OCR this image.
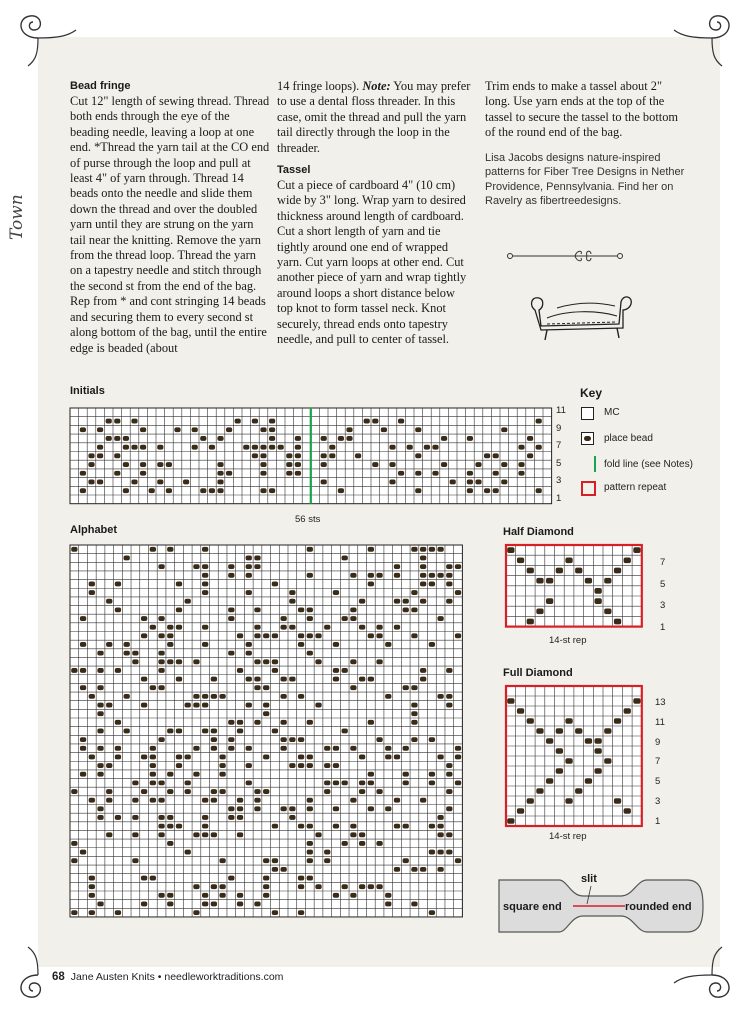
Town
Bead fringe

Cut 12" length of sewing thread. Thread both ends through the eye of the beading needle, leaving a loop at one end. *Thread the yarn tail at the CO end of purse through the loop and pull at least 4" of yarn through. Thread 14 beads onto the needle and slide them down the thread and over the doubled yarn until they are strung on the yarn tail near the knitting. Remove the yarn from the thread loop. Thread the yarn on a tapestry needle and stitch through the second st from the end of the bag. Rep from * and cont stringing 14 beads and securing them to every second st along bottom of the bag, until the entire edge is beaded (about

14 fringe loops). Note: You may prefer to use a dental floss threader. In this case, omit the thread and pull the yarn tail directly through the loop in the threader.

Tassel

Cut a piece of cardboard 4" (10 cm) wide by 3" long. Wrap yarn to desired thickness around length of cardboard. Cut a short length of yarn and tie tightly around one end of wrapped yarn. Cut yarn loops at other end. Cut another piece of yarn and wrap tightly around loops a short distance below top knot to form tassel neck. Knot securely, thread ends onto tapestry needle, and pull to center of tassel.

Trim ends to make a tassel about 2" long. Use yarn ends at the top of the tassel to secure the tassel to the bottom of the round end of the bag.

Lisa Jacobs designs nature-inspired patterns for Fiber Tree Designs in Nether Providence, Pennsylvania. Find her on Ravelry as fibertreedesigns.

Initials
11
9
7
5
3
1
56 sts
Key
MC
place bead
fold line (see Notes)
pattern repeat
Alphabet	Half Diamond
7
5
3
1
14-st rep
Full Diamond
13
11
9
7
5
3
1
14-st rep
slit
square end	rounded end
68 Jane Austen Knits • needleworktraditions.com
